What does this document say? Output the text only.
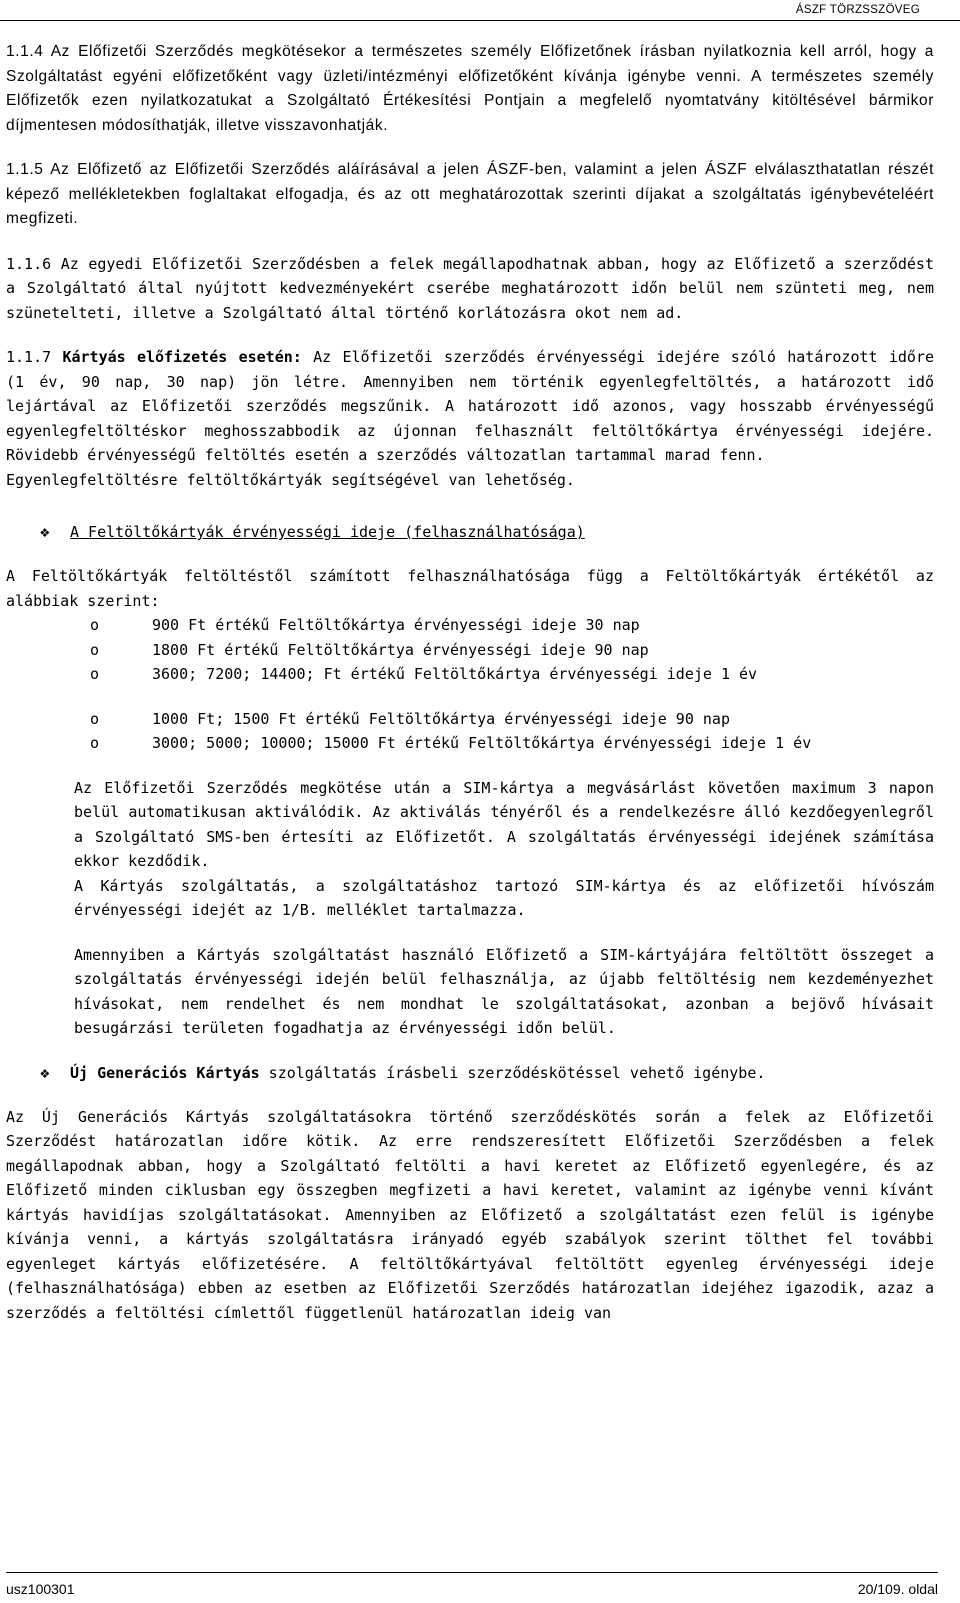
ÁSZF TÖRZSSZÖVEG

1.1.4 Az Előfizetői Szerződés megkötésekor a természetes személy Előfizetőnek írásban nyilatkoznia kell arról, hogy a Szolgáltatást egyéni előfizetőként vagy üzleti/intézményi előfizetőként kívánja igénybe venni. A természetes személy Előfizetők ezen nyilatkozatukat a Szolgáltató Értékesítési Pontjain a megfelelő nyomtatvány kitöltésével bármikor díjmentesen módosíthatják, illetve visszavonhatják.

1.1.5 Az Előfizető az Előfizetői Szerződés aláírásával a jelen ÁSZF-ben, valamint a jelen ÁSZF elválaszthatatlan részét képező mellékletekben foglaltakat elfogadja, és az ott meghatározottak szerinti díjakat a szolgáltatás igénybevételéért megfizeti.

1.1.6 Az egyedi Előfizetői Szerződésben a felek megállapodhatnak abban, hogy az Előfizető a szerződést a Szolgáltató által nyújtott kedvezményekért cserébe meghatározott időn belül nem szünteti meg, nem szünetelteti, illetve a Szolgáltató által történő korlátozásra okot nem ad.

1.1.7 Kártyás előfizetés esetén: Az Előfizetői szerződés érvényességi idejére szóló határozott időre (1 év, 90 nap, 30 nap) jön létre. Amennyiben nem történik egyenlegfeltöltés, a határozott idő lejártával az Előfizetői szerződés megszűnik. A határozott idő azonos, vagy hosszabb érvényességű egyenlegfeltöltéskor meghosszabbodik az újonnan felhasznált feltöltőkártya érvényességi idejére. Rövidebb érvényességű feltöltés esetén a szerződés változatlan tartammal marad fenn.

Egyenlegfeltöltésre feltöltőkártyák segítségével van lehetőség.

❖	A Feltöltőkártyák érvényességi ideje (felhasználhatósága)

A Feltöltőkártyák feltöltéstől számított felhasználhatósága függ a Feltöltőkártyák értékétől az alábbiak szerint:

o	900 Ft értékű Feltöltőkártya érvényességi ideje 30 nap
o	1800 Ft értékű Feltöltőkártya érvényességi ideje 90 nap
o	3600; 7200; 14400; Ft értékű Feltöltőkártya érvényességi ideje 1 év
o	1000 Ft; 1500 Ft értékű Feltöltőkártya érvényességi ideje 90 nap
o	3000; 5000; 10000; 15000 Ft értékű Feltöltőkártya érvényességi ideje 1 év

Az Előfizetői Szerződés megkötése után a SIM-kártya a megvásárlást követően maximum 3 napon belül automatikusan aktiválódik. Az aktiválás tényéről és a rendelkezésre álló kezdőegyenlegről a Szolgáltató SMS-ben értesíti az Előfizetőt. A szolgáltatás érvényességi idejének számítása ekkor kezdődik.

A Kártyás szolgáltatás, a szolgáltatáshoz tartozó SIM-kártya és az előfizetői hívószám érvényességi idejét az 1/B. melléklet tartalmazza.

Amennyiben a Kártyás szolgáltatást használó Előfizető a SIM-kártyájára feltöltött összeget a szolgáltatás érvényességi idején belül felhasználja, az újabb feltöltésig nem kezdeményezhet hívásokat, nem rendelhet és nem mondhat le szolgáltatásokat, azonban a bejövő hívásait besugárzási területen fogadhatja az érvényességi időn belül.

❖	Új Generációs Kártyás szolgáltatás írásbeli szerződéskötéssel vehető igénybe.

Az Új Generációs Kártyás szolgáltatásokra történő szerződéskötés során a felek az Előfizetői Szerződést határozatlan időre kötik. Az erre rendszeresített Előfizetői Szerződésben a felek megállapodnak abban, hogy a Szolgáltató feltölti a havi keretet az Előfizető egyenlegére, és az Előfizető minden ciklusban egy összegben megfizeti a havi keretet, valamint az igénybe venni kívánt kártyás havidíjas szolgáltatásokat. Amennyiben az Előfizető a szolgáltatást ezen felül is igénybe kívánja venni, a kártyás szolgáltatásra irányadó egyéb szabályok szerint tölthet fel további egyenleget kártyás előfizetésére. A feltöltőkártyával feltöltött egyenleg érvényességi ideje (felhasználhatósága) ebben az esetben az Előfizetői Szerződés határozatlan idejéhez igazodik, azaz a szerződés a feltöltési címlettől függetlenül határozatlan ideig van

usz100301	20/109. oldal
